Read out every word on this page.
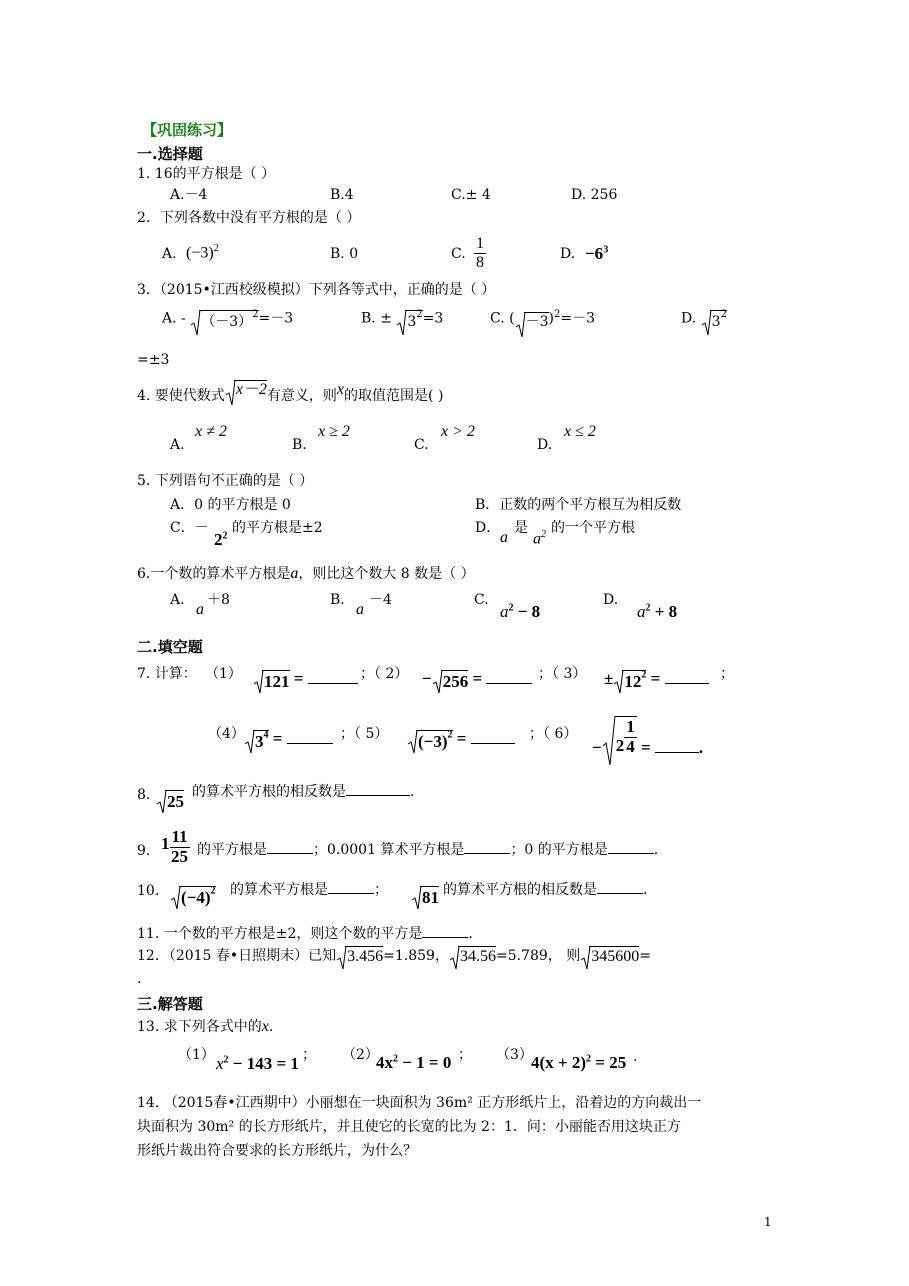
【巩固练习】
一.选择题
1. 16的平方根是（ ）
A.－4	B.4	C.± 4	D. 256
2．下列各数中没有平方根的是（ ）
A. $(-3)^2$	B. 0	C. $\frac{1}{8}$	D. $-6^3$
3．（2015•江西校级模拟）下列各等式中，正确的是（ ）
A. - $(-3)^2=-3$	B. ± $3^2=3$	C. ( －3)$^2$=－3	D. $3^2$
=±3
4. 要使代数式 x－2有意义，则x的取值范围是( )
A.
x ≠ 2
B.
x ≥ 2
C.
x > 2
D.
x ≤ 2
5. 下列语句不正确的是（ ）
A．0 的平方根是 0	B．正数的两个平方根互为相反数
C．－
$2^2$ 的平方根是±2	D．
a
是
$a^2$ 的一个平方根
6.一个数的算术平方根是a，则比这个数大 8 数是（ ）
A.
a
＋8	B.
a
－4	C.
$a^2 - 8$
D.
$a^2 + 8$
二.填空题
7. 计算： （1）	121 =	；（ 2） − 256 =	；（ $3) \pm 12^2$ =	；
（4） $3^4$ =	；（ 5）	$(-3)^2$ =	；（ 6）
− $2 \frac{1}{4}$ =	.
8. 25 的算术平方根的相反数是	.
9. $1 \frac{11}{25}$ 的平方根是	；0.0001 算术平方根是	；0 的平方根是	.
10.	$(-4)^2$ 的算术平方根是	；	81 的算术平方根的相反数是	.
11. 一个数的平方根是±2，则这个数的平方是	.
12．（2015 春•日照期末）已知 3.456=1.859， 34.56=5.789， 则 345600=
.
三.解答题
13. 求下列各式中的x.
（1） $x^2 - 143 = 1$ ； （2）
$4x^2 - 1 = 0$ ； （3）
$4(x + 2)^2 = 25$ .
14. （2015春•江西期中）小丽想在一块面积为 36m² 正方形纸片上，沿着边的方向裁出一
块面积为 30m² 的长方形纸片，并且使它的长宽的比为 2：1．问：小丽能否用这块正方
形纸片裁出符合要求的长方形纸片，为什么？
1
